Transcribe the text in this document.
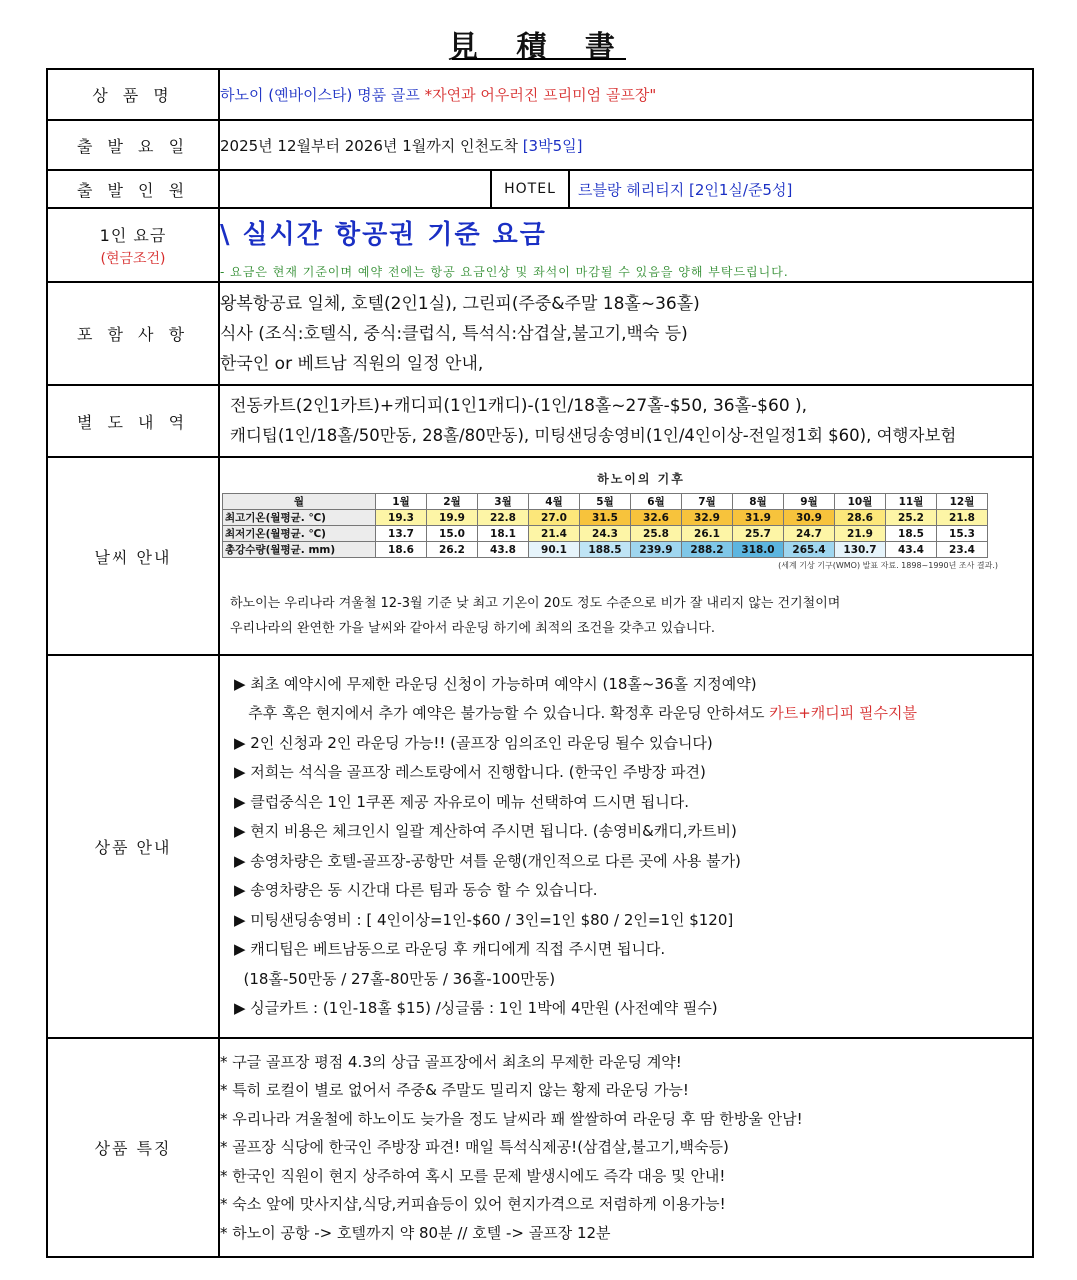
見 積 書
상 품 명	하노이 (옌바이스타) 명품 골프 *자연과 어우러진 프리미엄 골프장"
출 발 요 일	2025년 12월부터 2026년 1월까지 인천도착 [3박5일]
출 발 인 원	HOTEL	르블랑 헤리티지 [2인1실/준5성]

1인 요금
(현금조건)

\ 실시간 항공권 기준 요금
- 요금은 현재 기준이며 예약 전에는 항공 요금인상 및 좌석이 마감될 수 있음을 양해 부탁드립니다.

포 함 사 항	
왕복항공료 일체, 호텔(2인1실), 그린피(주중&주말 18홀~36홀)
식사 (조식:호텔식, 중식:클럽식, 특석식:삼겹살,불고기,백숙 등)
한국인 or 베트남 직원의 일정 안내,

별 도 내 역	
전동카트(2인1카트)+캐디피(1인1캐디)-(1인/18홀~27홀-$50, 36홀-$60 ),
캐디팁(1인/18홀/50만동, 28홀/80만동), 미팅샌딩송영비(1인/4인이상-전일정1회 $60), 여행자보험

날씨 안내	
하노이의 기후
월	1월	2월	3월	4월	5월	6월	7월	8월	9월	10월	11월	12월
최고기온(월평균. ℃)	19.3	19.9	22.8	27.0	31.5	32.6	32.9	31.9	30.9	28.6	25.2	21.8
최저기온(월평균. ℃)	13.7	15.0	18.1	21.4	24.3	25.8	26.1	25.7	24.7	21.9	18.5	15.3
총강수량(월평균. mm)	18.6	26.2	43.8	90.1	188.5	239.9	288.2	318.0	265.4	130.7	43.4	23.4
(세계 기상 기구(WMO) 발표 자료. 1898~1990년 조사 결과.)
하노이는 우리나라 겨울철 12-3월 기준 낮 최고 기온이 20도 정도 수준으로 비가 잘 내리지 않는 건기철이며
우리나라의 완연한 가을 날씨와 같아서 라운딩 하기에 최적의 조건을 갖추고 있습니다.

상품 안내	
▶ 최초 예약시에 무제한 라운딩 신청이 가능하며 예약시 (18홀~36홀 지정예약)
추후 혹은 현지에서 추가 예약은 불가능할 수 있습니다. 확정후 라운딩 안하셔도 카트+캐디피 필수지불
▶ 2인 신청과 2인 라운딩 가능!! (골프장 임의조인 라운딩 될수 있습니다)
▶ 저희는 석식을 골프장 레스토랑에서 진행합니다. (한국인 주방장 파견)
▶ 클럽중식은 1인 1쿠폰 제공 자유로이 메뉴 선택하여 드시면 됩니다.
▶ 현지 비용은 체크인시 일괄 계산하여 주시면 됩니다. (송영비&캐디,카트비)
▶ 송영차량은 호텔-골프장-공항만 셔틀 운행(개인적으로 다른 곳에 사용 불가)
▶ 송영차량은 동 시간대 다른 팀과 동승 할 수 있습니다.
▶ 미팅샌딩송영비 : [ 4인이상=1인-$60 / 3인=1인 $80 / 2인=1인 $120]
▶ 캐디팁은 베트남동으로 라운딩 후 캐디에게 직접 주시면 됩니다.
(18홀-50만동 / 27홀-80만동 / 36홀-100만동)
▶ 싱글카트 : (1인-18홀 $15) /싱글룸 : 1인 1박에 4만원 (사전예약 필수)

상품 특징	
* 구글 골프장 평점 4.3의 상급 골프장에서 최초의 무제한 라운딩 계약!
* 특히 로컬이 별로 없어서 주중& 주말도 밀리지 않는 황제 라운딩 가능!
* 우리나라 겨울철에 하노이도 늦가을 정도 날씨라 꽤 쌀쌀하여 라운딩 후 땀 한방울 안남!
* 골프장 식당에 한국인 주방장 파견! 매일 특석식제공!(삼겹살,불고기,백숙등)
* 한국인 직원이 현지 상주하여 혹시 모를 문제 발생시에도 즉각 대응 및 안내!
* 숙소 앞에 맛사지샵,식당,커피숍등이 있어 현지가격으로 저렴하게 이용가능!
* 하노이 공항 -> 호텔까지 약 80분 // 호텔 -> 골프장 12분
